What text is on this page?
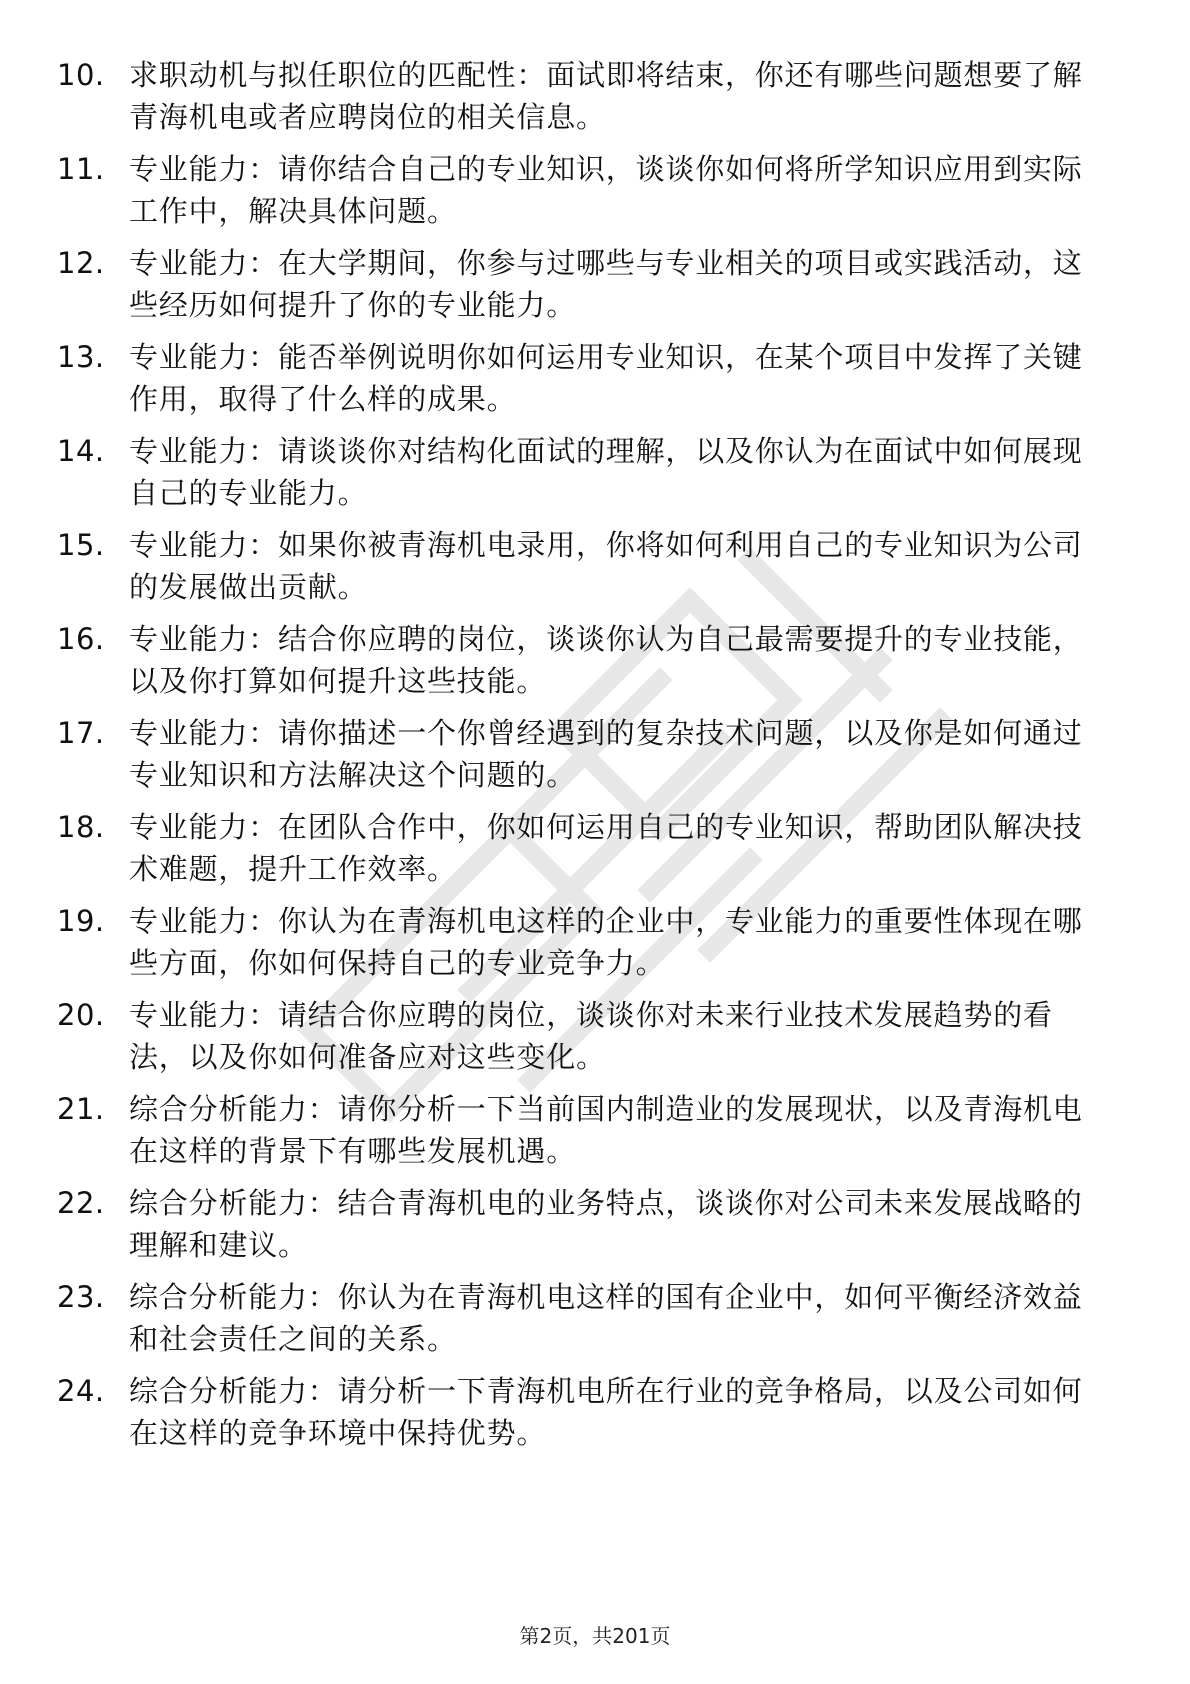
10. 求职动机与拟任职位的匹配性：面试即将结束，你还有哪些问题想要了解青海机电或者应聘岗位的相关信息。
11. 专业能力：请你结合自己的专业知识，谈谈你如何将所学知识应用到实际工作中，解决具体问题。
12. 专业能力：在大学期间，你参与过哪些与专业相关的项目或实践活动，这些经历如何提升了你的专业能力。
13. 专业能力：能否举例说明你如何运用专业知识，在某个项目中发挥了关键作用，取得了什么样的成果。
14. 专业能力：请谈谈你对结构化面试的理解，以及你认为在面试中如何展现自己的专业能力。
15. 专业能力：如果你被青海机电录用，你将如何利用自己的专业知识为公司的发展做出贡献。
16. 专业能力：结合你应聘的岗位，谈谈你认为自己最需要提升的专业技能，以及你打算如何提升这些技能。
17. 专业能力：请你描述一个你曾经遇到的复杂技术问题，以及你是如何通过专业知识和方法解决这个问题的。
18. 专业能力：在团队合作中，你如何运用自己的专业知识，帮助团队解决技术难题，提升工作效率。
19. 专业能力：你认为在青海机电这样的企业中，专业能力的重要性体现在哪些方面，你如何保持自己的专业竞争力。
20. 专业能力：请结合你应聘的岗位，谈谈你对未来行业技术发展趋势的看法，以及你如何准备应对这些变化。
21. 综合分析能力：请你分析一下当前国内制造业的发展现状，以及青海机电在这样的背景下有哪些发展机遇。
22. 综合分析能力：结合青海机电的业务特点，谈谈你对公司未来发展战略的理解和建议。
23. 综合分析能力：你认为在青海机电这样的国有企业中，如何平衡经济效益和社会责任之间的关系。
24. 综合分析能力：请分析一下青海机电所在行业的竞争格局，以及公司如何在这样的竞争环境中保持优势。
第2页，共201页
